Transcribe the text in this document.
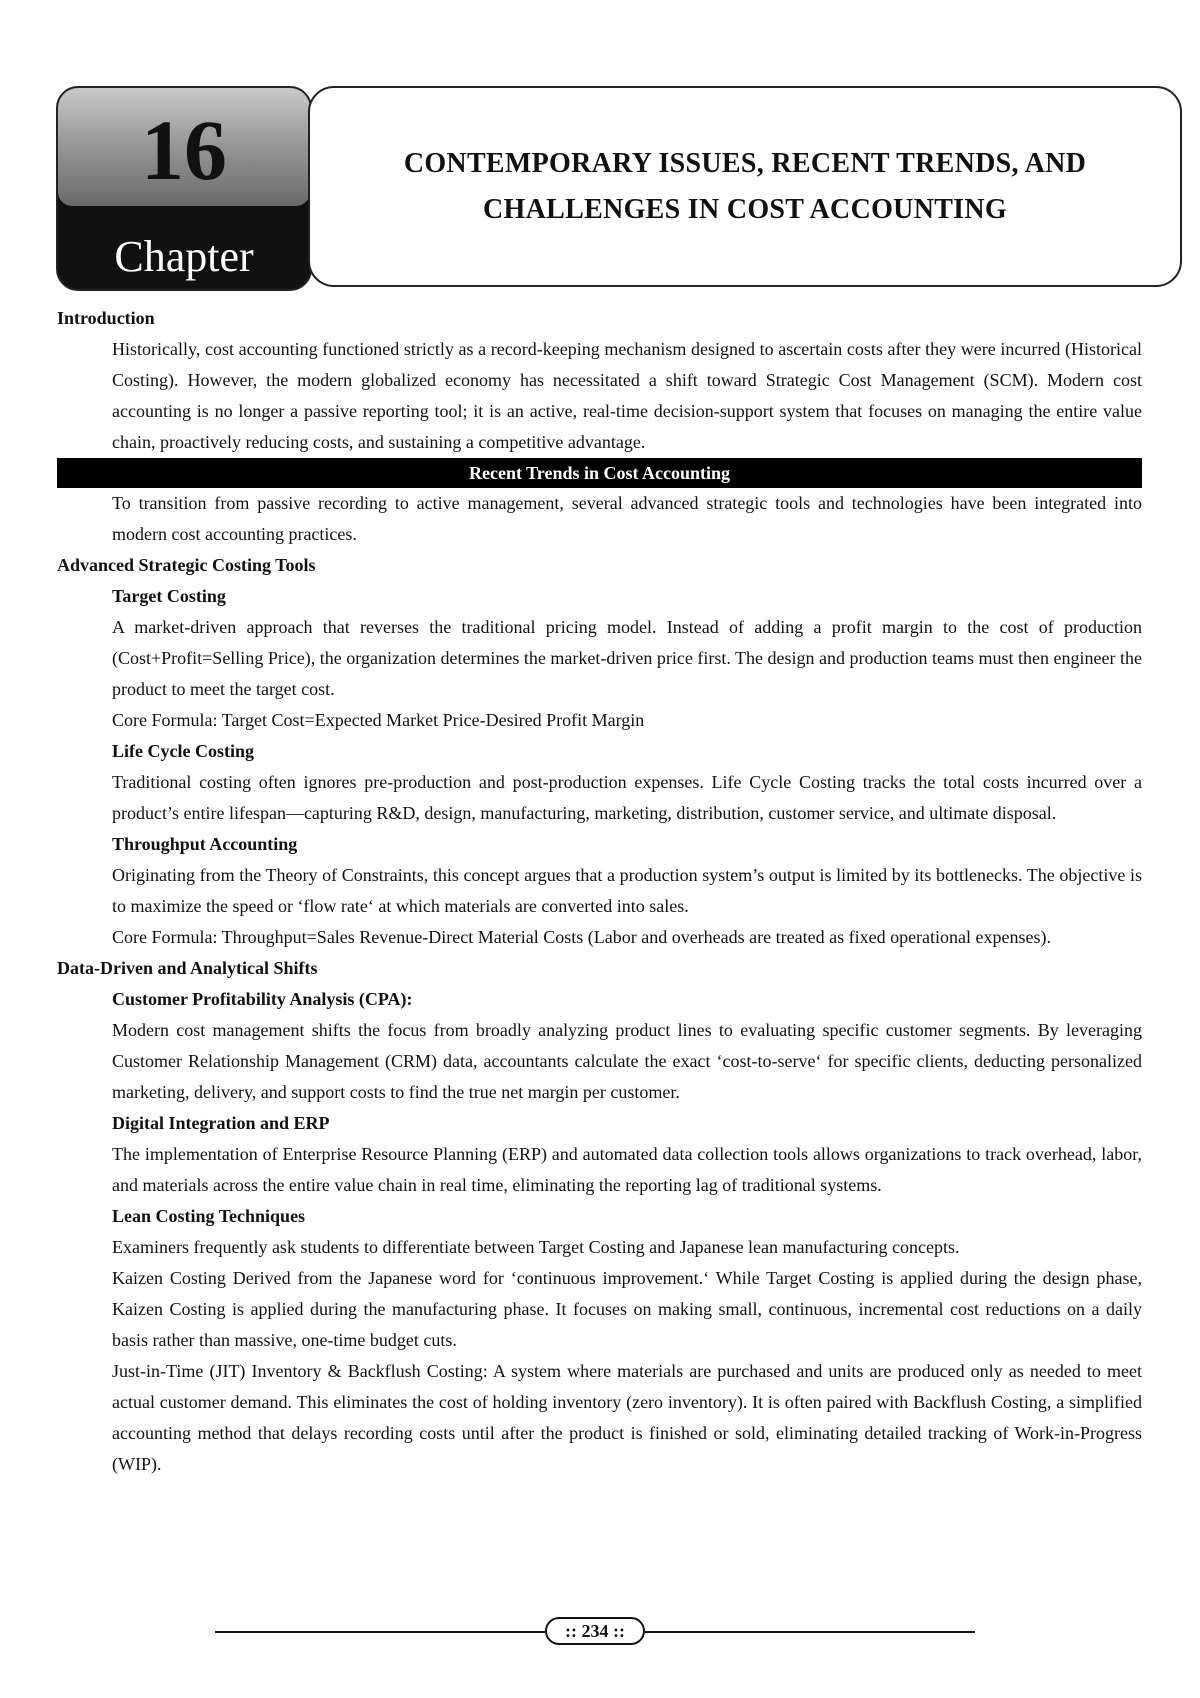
16
Chapter
CONTEMPORARY ISSUES, RECENT TRENDS, AND
CHALLENGES IN COST ACCOUNTING

Introduction

Historically, cost accounting functioned strictly as a record-keeping mechanism designed to ascertain costs after they were incurred (Historical Costing). However, the modern globalized economy has necessitated a shift toward Strategic Cost Management (SCM). Modern cost accounting is no longer a passive reporting tool; it is an active, real-time decision-support system that focuses on managing the entire value chain, proactively reducing costs, and sustaining a competitive advantage.

Recent Trends in Cost Accounting

To transition from passive recording to active management, several advanced strategic tools and technologies have been integrated into modern cost accounting practices.

Advanced Strategic Costing Tools

Target Costing

A market-driven approach that reverses the traditional pricing model. Instead of adding a profit margin to the cost of production (Cost+Profit=Selling Price), the organization determines the market-driven price first. The design and production teams must then engineer the product to meet the target cost.

Core Formula: Target Cost=Expected Market Price-Desired Profit Margin

Life Cycle Costing

Traditional costing often ignores pre-production and post-production expenses. Life Cycle Costing tracks the total costs incurred over a product’s entire lifespan—capturing R&D, design, manufacturing, marketing, distribution, customer service, and ultimate disposal.

Throughput Accounting

Originating from the Theory of Constraints, this concept argues that a production system’s output is limited by its bottlenecks. The objective is to maximize the speed or ‘flow rate‘ at which materials are converted into sales.

Core Formula: Throughput=Sales Revenue-Direct Material Costs (Labor and overheads are treated as fixed operational expenses).

Data-Driven and Analytical Shifts

Customer Profitability Analysis (CPA):

Modern cost management shifts the focus from broadly analyzing product lines to evaluating specific customer segments. By leveraging Customer Relationship Management (CRM) data, accountants calculate the exact ‘cost-to-serve‘ for specific clients, deducting personalized marketing, delivery, and support costs to find the true net margin per customer.

Digital Integration and ERP

The implementation of Enterprise Resource Planning (ERP) and automated data collection tools allows organizations to track overhead, labor, and materials across the entire value chain in real time, eliminating the reporting lag of traditional systems.

Lean Costing Techniques

Examiners frequently ask students to differentiate between Target Costing and Japanese lean manufacturing concepts.

Kaizen Costing Derived from the Japanese word for ‘continuous improvement.‘ While Target Costing is applied during the design phase, Kaizen Costing is applied during the manufacturing phase. It focuses on making small, continuous, incremental cost reductions on a daily basis rather than massive, one-time budget cuts.

Just-in-Time (JIT) Inventory & Backflush Costing: A system where materials are purchased and units are produced only as needed to meet actual customer demand. This eliminates the cost of holding inventory (zero inventory). It is often paired with Backflush Costing, a simplified accounting method that delays recording costs until after the product is finished or sold, eliminating detailed tracking of Work-in-Progress (WIP).

:: 234 ::
